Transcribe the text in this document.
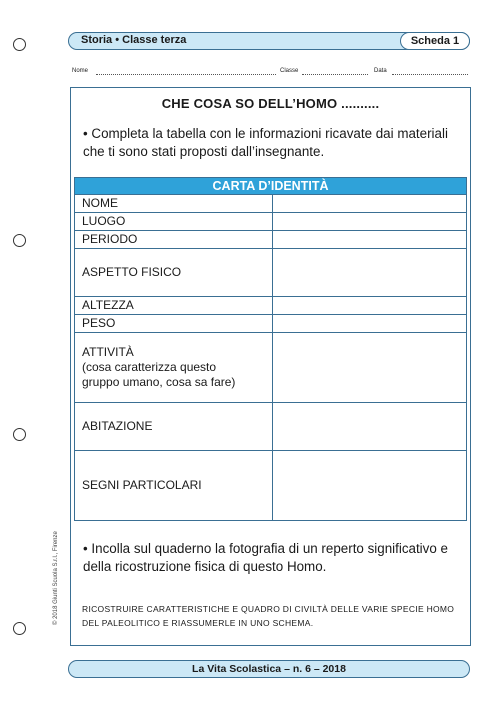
Storia • Classe terza	Scheda 1
Nome	Classe	Data
CHE COSA SO DELL’HOMO ..........
• Completa la tabella con le informazioni ricavate dai materiali che ti sono stati proposti dall’insegnante.
CARTA D’IDENTITÀ	
NOME	
LUOGO	
PERIODO	
ASPETTO FISICO	
ALTEZZA	
PESO	

ATTIVITÀ
(cosa caratterizza questo
gruppo umano, cosa sa fare)	

ABITAZIONE	
SEGNI PARTICOLARI	
• Incolla sul quaderno la fotografia di un reperto significativo e della ricostruzione fisica di questo Homo.
RICOSTRUIRE CARATTERISTICHE E QUADRO DI CIVILTÀ DELLE VARIE SPECIE HOMO DEL PALEOLITICO E RIASSUMERLE IN UNO SCHEMA.
© 2018 Giunti Scuola S.r.l., Firenze
La Vita Scolastica – n. 6 – 2018
